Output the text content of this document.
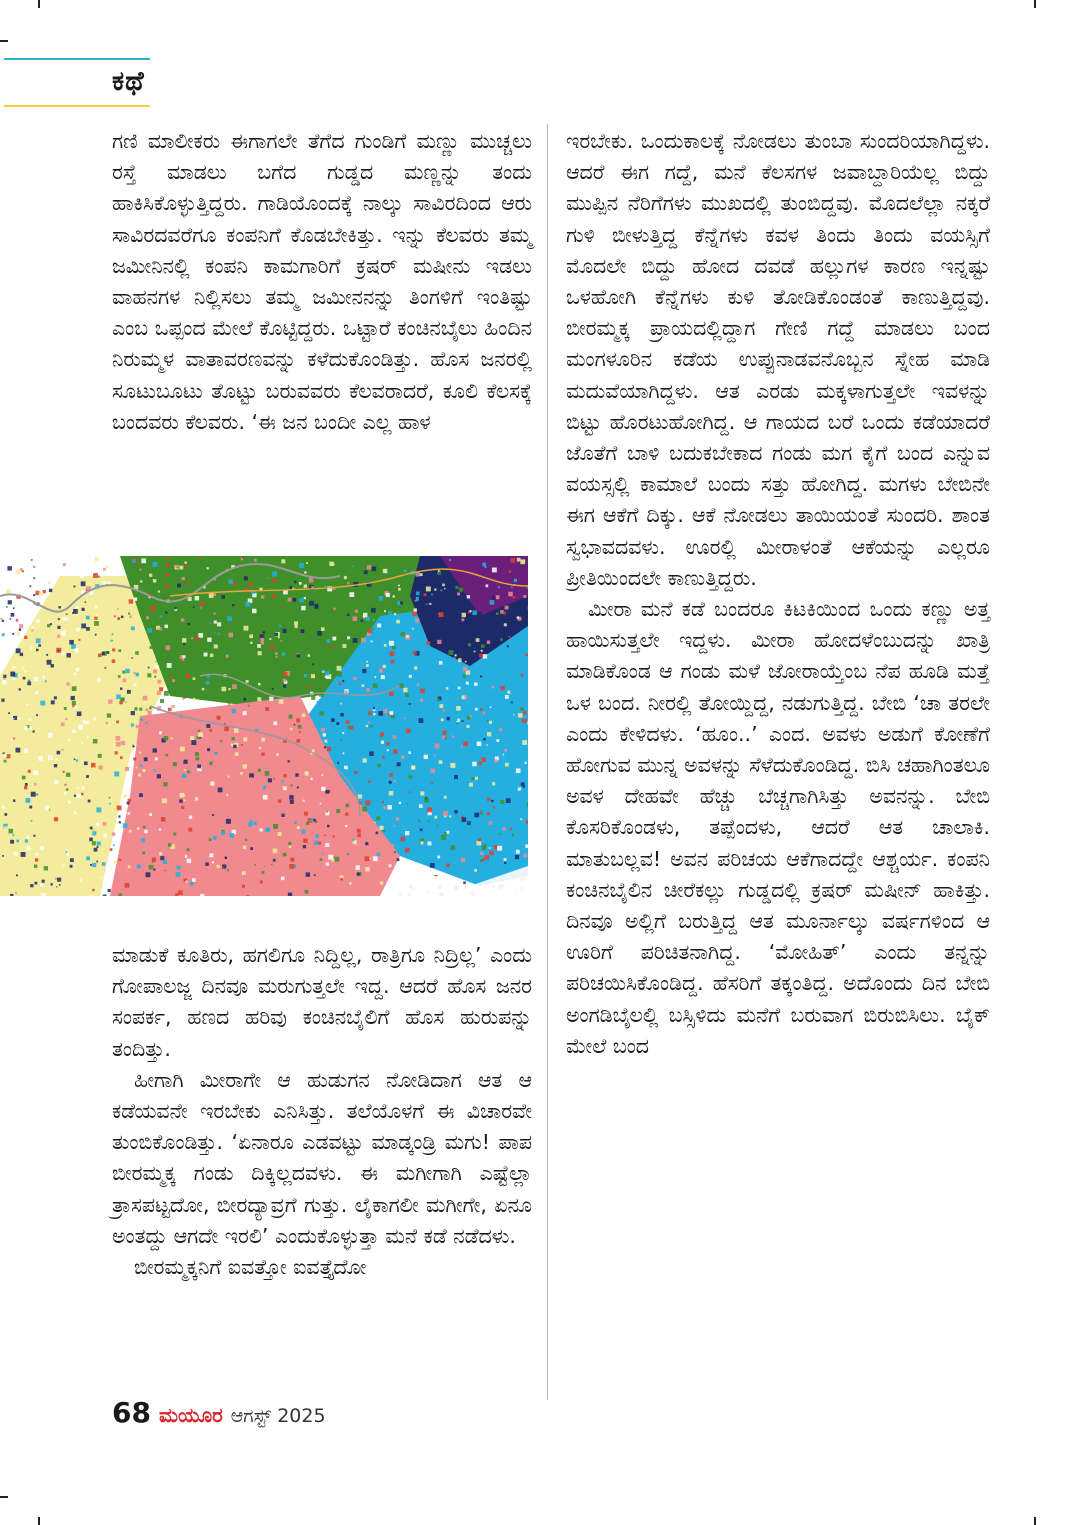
ಕಥೆ

ಗಣಿ ಮಾಲೀಕರು ಈಗಾಗಲೇ ತೆಗೆದ ಗುಂಡಿಗೆ ಮಣ್ಣು ಮುಚ್ಚಲು ರಸ್ತೆ ಮಾಡಲು ಬಗೆದ ಗುಡ್ಡದ ಮಣ್ಣನ್ನು ತಂದು ಹಾಕಿಸಿಕೊಳ್ಳುತ್ತಿದ್ದರು. ಗಾಡಿಯೊಂದಕ್ಕೆ ನಾಲ್ಕು ಸಾವಿರದಿಂದ ಆರು ಸಾವಿರದವರೆಗೂ ಕಂಪನಿಗೆ ಕೊಡಬೇಕಿತ್ತು. ಇನ್ನು ಕೆಲವರು ತಮ್ಮ ಜಮೀನಿನಲ್ಲಿ ಕಂಪನಿ ಕಾಮಗಾರಿಗೆ ಕ್ರಷರ್ ಮಷೀನು ಇಡಲು ವಾಹನಗಳ ನಿಲ್ಲಿಸಲು ತಮ್ಮ ಜಮೀನನನ್ನು ತಿಂಗಳಿಗೆ ಇಂತಿಷ್ಟು ಎಂಬ ಒಪ್ಪಂದ ಮೇಲೆ ಕೊಟ್ಟಿದ್ದರು. ಒಟ್ಟಾರೆ ಕಂಚಿನಬೈಲು ಹಿಂದಿನ ನಿರುಮ್ಮಳ ವಾತಾವರಣವನ್ನು ಕಳೆದುಕೊಂಡಿತ್ತು. ಹೊಸ ಜನರಲ್ಲಿ ಸೂಟುಬೂಟು ತೊಟ್ಟು ಬರುವವರು ಕೆಲವರಾದರೆ, ಕೂಲಿ ಕೆಲಸಕ್ಕೆ ಬಂದವರು ಕೆಲವರು. ‘ಈ ಜನ ಬಂದೀ ಎಲ್ಲ ಹಾಳ

ಮಾಡುಕೆ ಕೂತಿರು, ಹಗಲಿಗೂ ನಿದ್ದಿಲ್ಲ, ರಾತ್ರಿಗೂ ನಿದ್ರಿಲ್ಲ’ ಎಂದು ಗೋಪಾಲಜ್ಜ ದಿನವೂ ಮರುಗುತ್ತಲೇ ಇದ್ದ. ಆದರೆ ಹೊಸ ಜನರ ಸಂಪರ್ಕ, ಹಣದ ಹರಿವು ಕಂಚಿನಬೈಲಿಗೆ ಹೊಸ ಹುರುಪನ್ನು ತಂದಿತ್ತು.

ಹೀಗಾಗಿ ಮೀರಾಗೇ ಆ ಹುಡುಗನ ನೋಡಿದಾಗ ಆತ ಆ ಕಡೆಯವನೇ ಇರಬೇಕು ಎನಿಸಿತ್ತು. ತಲೆಯೊಳಗೆ ಈ ವಿಚಾರವೇ ತುಂಬಿಕೊಂಡಿತ್ತು. ‘ಏನಾರೂ ಎಡವಟ್ಟು ಮಾಡ್ಕಂಡ್ರಿ ಮಗು! ಪಾಪ ಬೀರಮ್ಮಕ್ಕ ಗಂಡು ದಿಕ್ಕಿಲ್ಲದವಳು. ಈ ಮಗೀಗಾಗಿ ಎಷ್ಟೆಲ್ಲಾ ತ್ರಾಸಪಟ್ಟದೋ, ಬೀರದ್ಯಾವ್ರಗೆ ಗುತ್ತು. ಲೈಕಾಗಲೀ ಮಗೀಗೇ, ಏನೂ ಅಂತದ್ದು ಆಗದೇ ಇರಲಿ’ ಎಂದುಕೊಳ್ಳುತ್ತಾ ಮನೆ ಕಡೆ ನಡೆದಳು.

ಬೀರಮ್ಮಕ್ಕನಿಗೆ ಐವತ್ತೋ ಐವತ್ತೈದೋ

ಇರಬೇಕು. ಒಂದುಕಾಲಕ್ಕೆ ನೋಡಲು ತುಂಬಾ ಸುಂದರಿಯಾಗಿದ್ದಳು. ಆದರೆ ಈಗ ಗದ್ದೆ, ಮನೆ ಕೆಲಸಗಳ ಜವಾಬ್ದಾರಿಯೆಲ್ಲ ಬಿದ್ದು ಮುಪ್ಪಿನ ನೆರಿಗೆಗಳು ಮುಖದಲ್ಲಿ ತುಂಬಿದ್ದವು. ಮೊದಲೆಲ್ಲಾ ನಕ್ಕರೆ ಗುಳಿ ಬೀಳುತ್ತಿದ್ದ ಕೆನ್ನೆಗಳು ಕವಳ ತಿಂದು ತಿಂದು ವಯಸ್ಸಿಗೆ ಮೊದಲೇ ಬಿದ್ದು ಹೋದ ದವಡೆ ಹಲ್ಲುಗಳ ಕಾರಣ ಇನ್ನಷ್ಟು ಒಳಹೋಗಿ ಕೆನ್ನೆಗಳು ಕುಳಿ ತೋಡಿಕೊಂಡಂತೆ ಕಾಣುತ್ತಿದ್ದವು. ಬೀರಮ್ಮಕ್ಕ ಪ್ರಾಯದಲ್ಲಿದ್ದಾಗ ಗೇಣಿ ಗದ್ದೆ ಮಾಡಲು ಬಂದ ಮಂಗಳೂರಿನ ಕಡೆಯ ಉಪ್ಪುನಾಡವನೊಬ್ಬನ ಸ್ನೇಹ ಮಾಡಿ ಮದುವೆಯಾಗಿದ್ದಳು. ಆತ ಎರಡು ಮಕ್ಕಳಾಗುತ್ತಲೇ ಇವಳನ್ನು ಬಿಟ್ಟು ಹೊರಟುಹೋಗಿದ್ದ. ಆ ಗಾಯದ ಬರೆ ಒಂದು ಕಡೆಯಾದರೆ ಜೊತೆಗೆ ಬಾಳಿ ಬದುಕಬೇಕಾದ ಗಂಡು ಮಗ ಕೈಗೆ ಬಂದ ಎನ್ನುವ ವಯಸ್ಸಲ್ಲಿ ಕಾಮಾಲೆ ಬಂದು ಸತ್ತು ಹೋಗಿದ್ದ. ಮಗಳು ಬೇಬಿನೇ ಈಗ ಆಕೆಗೆ ದಿಕ್ಕು. ಆಕೆ ನೋಡಲು ತಾಯಿಯಂತೆ ಸುಂದರಿ. ಶಾಂತ ಸ್ವಭಾವದವಳು. ಊರಲ್ಲಿ ಮೀರಾಳಂತೆ ಆಕೆಯನ್ನು ಎಲ್ಲರೂ ಪ್ರೀತಿಯಿಂದಲೇ ಕಾಣುತ್ತಿದ್ದರು.

ಮೀರಾ ಮನೆ ಕಡೆ ಬಂದರೂ ಕಿಟಕಿಯಿಂದ ಒಂದು ಕಣ್ಣು ಅತ್ತ ಹಾಯಿಸುತ್ತಲೇ ಇದ್ದಳು. ಮೀರಾ ಹೋದಳೆಂಬುದನ್ನು ಖಾತ್ರಿ ಮಾಡಿಕೊಂಡ ಆ ಗಂಡು ಮಳೆ ಜೋರಾಯ್ತೆಂಬ ನೆಪ ಹೂಡಿ ಮತ್ತೆ ಒಳ ಬಂದ. ನೀರಲ್ಲಿ ತೋಯ್ದಿದ್ದ, ನಡುಗುತ್ತಿದ್ದ. ಬೇಬಿ ‘ಚಾ ತರಲೇ ಎಂದು ಕೇಳಿದಳು. ‘ಹೂಂ..’ ಎಂದ. ಅವಳು ಅಡುಗೆ ಕೋಣೆಗೆ ಹೋಗುವ ಮುನ್ನ ಅವಳನ್ನು ಸೆಳೆದುಕೊಂಡಿದ್ದ. ಬಿಸಿ ಚಹಾಗಿಂತಲೂ ಅವಳ ದೇಹವೇ ಹೆಚ್ಚು ಬೆಚ್ಚಗಾಗಿಸಿತ್ತು ಅವನನ್ನು. ಬೇಬಿ ಕೊಸರಿಕೊಂಡಳು, ತಪ್ಪೆಂದಳು, ಆದರೆ ಆತ ಚಾಲಾಕಿ. ಮಾತುಬಲ್ಲವ! ಅವನ ಪರಿಚಯ ಆಕೆಗಾದದ್ದೇ ಆಶ್ಚರ್ಯ. ಕಂಪನಿ ಕಂಚಿನಬೈಲಿನ ಚೀರೆಕಲ್ಲು ಗುಡ್ಡದಲ್ಲಿ ಕ್ರಷರ್ ಮಷೀನ್ ಹಾಕಿತ್ತು. ದಿನವೂ ಅಲ್ಲಿಗೆ ಬರುತ್ತಿದ್ದ ಆತ ಮೂರ್ನಾಲ್ಕು ವರ್ಷಗಳಿಂದ ಆ ಊರಿಗೆ ಪರಿಚಿತನಾಗಿದ್ದ. ‘ಮೋಹಿತ್’ ಎಂದು ತನ್ನನ್ನು ಪರಿಚಯಿಸಿಕೊಂಡಿದ್ದ. ಹೆಸರಿಗೆ ತಕ್ಕಂತಿದ್ದ. ಅದೊಂದು ದಿನ ಬೇಬಿ ಅಂಗಡಿಬೈಲಲ್ಲಿ ಬಸ್ಸಿಳಿದು ಮನೆಗೆ ಬರುವಾಗ ಬಿರುಬಿಸಿಲು. ಬೈಕ್ ಮೇಲೆ ಬಂದ

68 ಮಯೂರ ಆಗಸ್ಟ್ 2025
